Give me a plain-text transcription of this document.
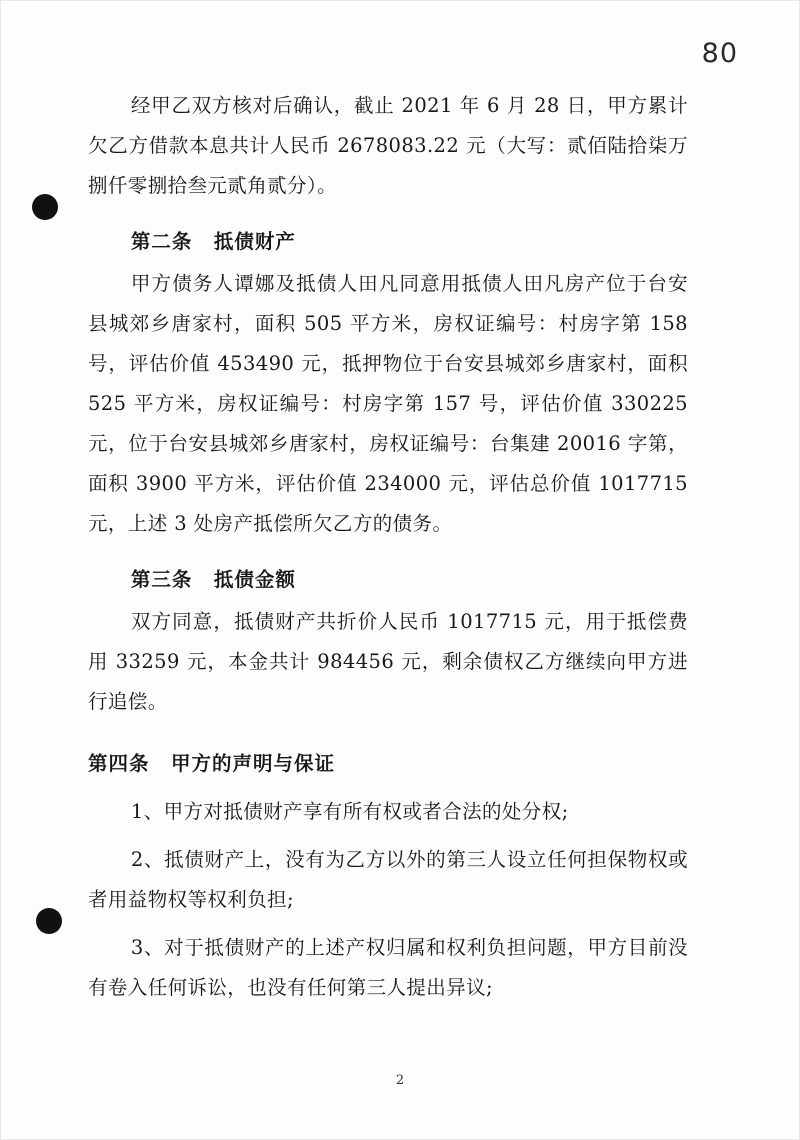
80

经甲乙双方核对后确认，截止 2021 年 6 月 28 日，甲方累计欠乙方借款本息共计人民币 2678083.22 元（大写：贰佰陆拾柒万捌仟零捌拾叁元贰角贰分）。

第二条 抵债财产

甲方债务人谭娜及抵债人田凡同意用抵债人田凡房产位于台安县城郊乡唐家村，面积 505 平方米，房权证编号：村房字第 158 号，评估价值 453490 元，抵押物位于台安县城郊乡唐家村，面积 525 平方米，房权证编号：村房字第 157 号，评估价值 330225 元，位于台安县城郊乡唐家村，房权证编号：台集建 20016 字第，面积 3900 平方米，评估价值 234000 元，评估总价值 1017715 元，上述 3 处房产抵偿所欠乙方的债务。

第三条 抵债金额

双方同意，抵债财产共折价人民币 1017715 元，用于抵偿费用 33259 元，本金共计 984456 元，剩余债权乙方继续向甲方进行追偿。

第四条 甲方的声明与保证

1、甲方对抵债财产享有所有权或者合法的处分权;

2、抵债财产上，没有为乙方以外的第三人设立任何担保物权或者用益物权等权利负担;

3、对于抵债财产的上述产权归属和权利负担问题，甲方目前没有卷入任何诉讼，也没有任何第三人提出异议;

2
